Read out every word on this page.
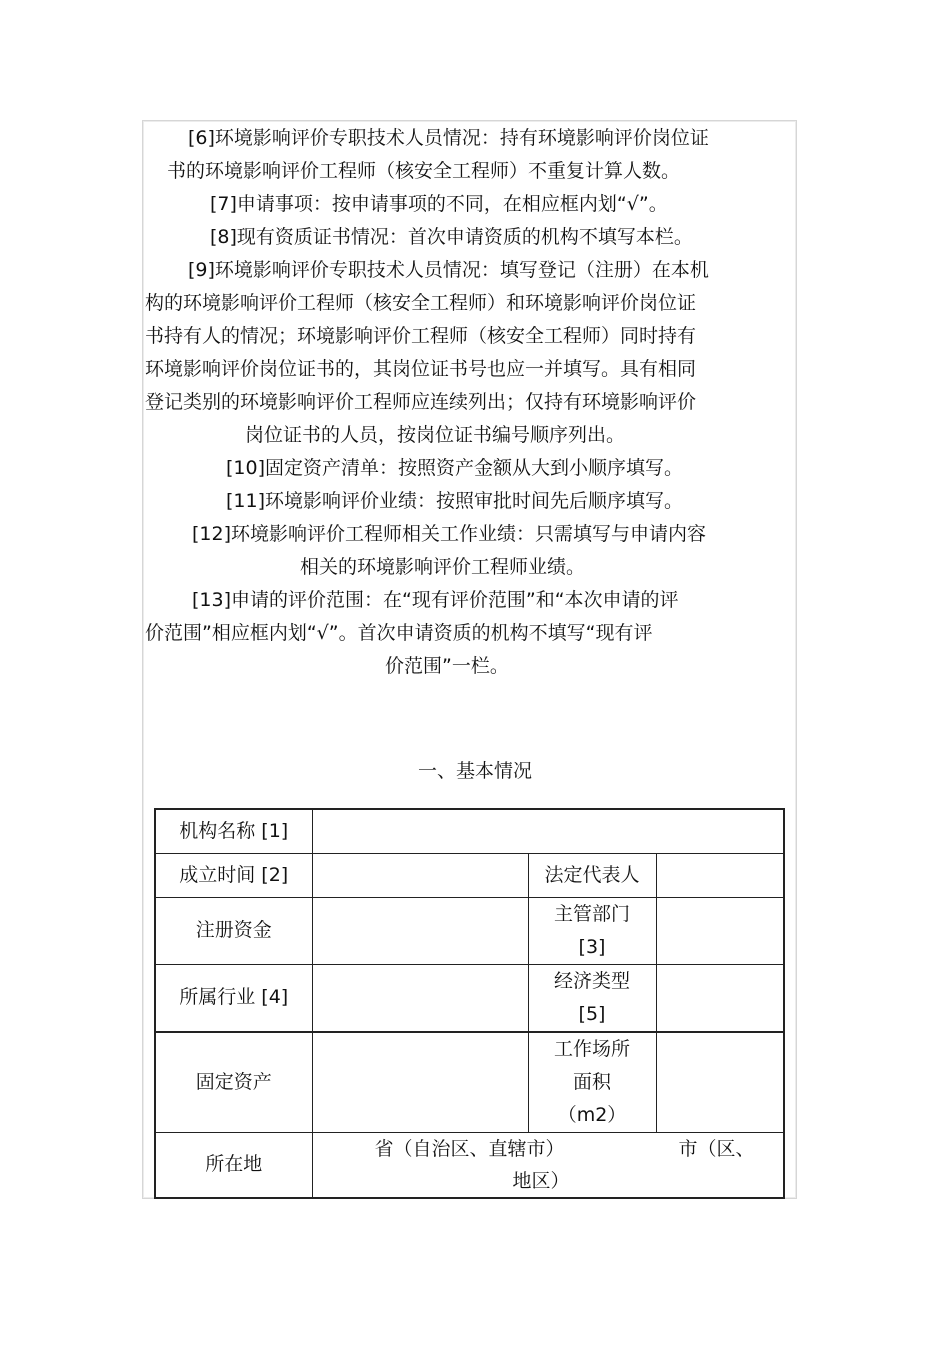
[6]环境影响评价专职技术人员情况：持有环境影响评价岗位证
书的环境影响评价工程师（核安全工程师）不重复计算人数。
[7]申请事项：按申请事项的不同，在相应框内划“√”。
[8]现有资质证书情况：首次申请资质的机构不填写本栏。
[9]环境影响评价专职技术人员情况：填写登记（注册）在本机
构的环境影响评价工程师（核安全工程师）和环境影响评价岗位证
书持有人的情况；环境影响评价工程师（核安全工程师）同时持有
环境影响评价岗位证书的，其岗位证书号也应一并填写。具有相同
登记类别的环境影响评价工程师应连续列出；仅持有环境影响评价
岗位证书的人员，按岗位证书编号顺序列出。
[10]固定资产清单：按照资产金额从大到小顺序填写。
[11]环境影响评价业绩：按照审批时间先后顺序填写。
[12]环境影响评价工程师相关工作业绩：只需填写与申请内容
相关的环境影响评价工程师业绩。
[13]申请的评价范围：在“现有评价范围”和“本次申请的评
价范围”相应框内划“√”。首次申请资质的机构不填写“现有评
价范围”一栏。
一、基本情况
机构名称 [1]			
成立时间 [2]		法定代表人	
注册资金		主管部门
[3]	

所属行业 [4]		经济类型
[5]	

固定资产		工作场所
面积
（m2）	

所在地	省（自治区、直辖市） 市（区、
地区）		
